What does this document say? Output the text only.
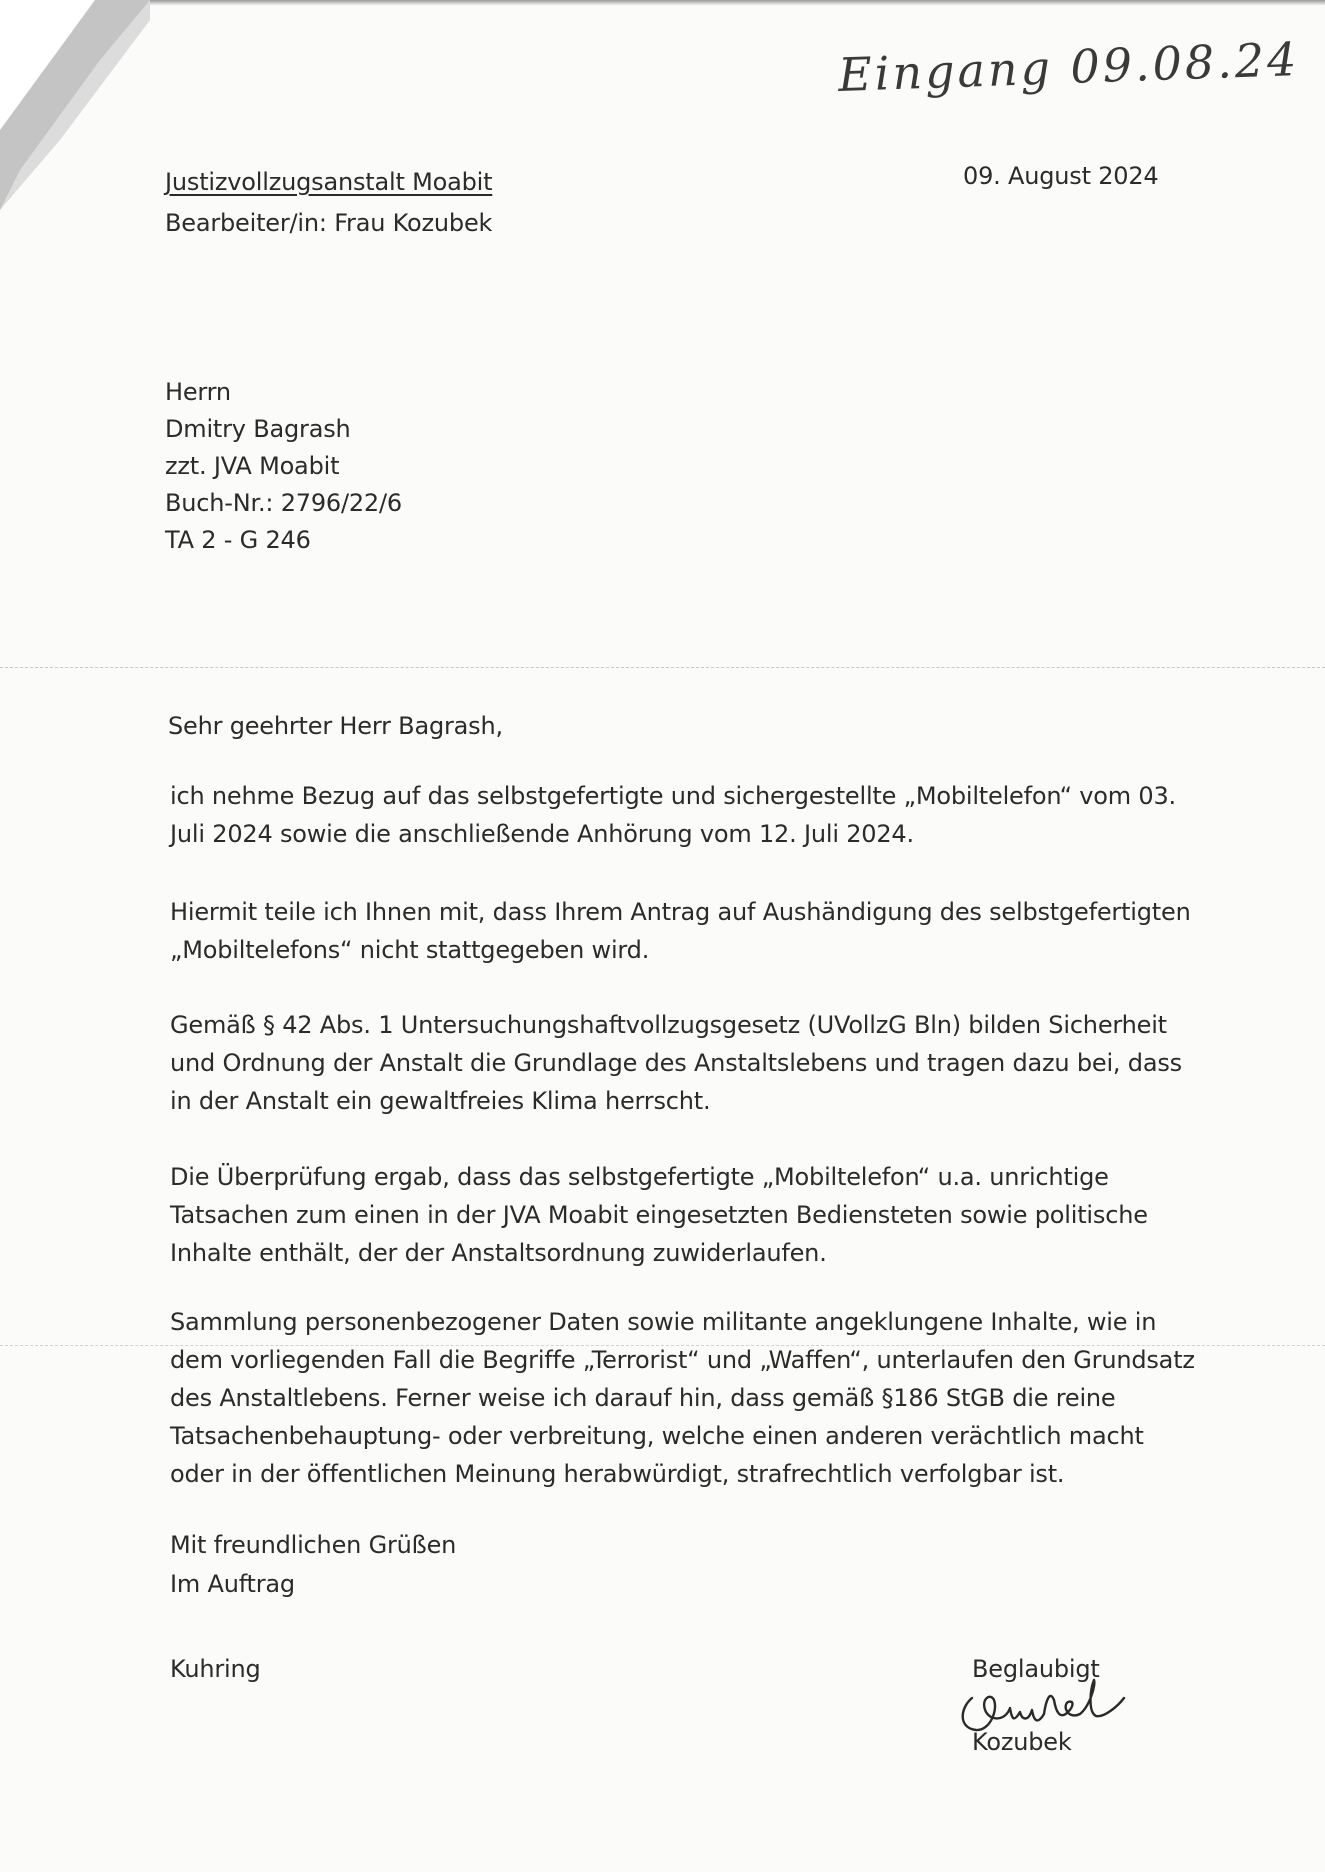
Eingang 09.08.24
Justizvollzugsanstalt Moabit
Bearbeiter/in: Frau Kozubek
09. August 2024
Herrn
Dmitry Bagrash
zzt. JVA Moabit
Buch-Nr.: 2796/22/6
TA 2 - G 246
Sehr geehrter Herr Bagrash,
ich nehme Bezug auf das selbstgefertigte und sichergestellte „Mobiltelefon“ vom 03. Juli 2024 sowie die anschließende Anhörung vom 12. Juli 2024.
Hiermit teile ich Ihnen mit, dass Ihrem Antrag auf Aushändigung des selbstgefertigten „Mobiltelefons“ nicht stattgegeben wird.
Gemäß § 42 Abs. 1 Untersuchungshaftvollzugsgesetz (UVollzG Bln) bilden Sicherheit und Ordnung der Anstalt die Grundlage des Anstaltslebens und tragen dazu bei, dass in der Anstalt ein gewaltfreies Klima herrscht.
Die Überprüfung ergab, dass das selbstgefertigte „Mobiltelefon“ u.a. unrichtige Tatsachen zum einen in der JVA Moabit eingesetzten Bediensteten sowie politische Inhalte enthält, der der Anstaltsordnung zuwiderlaufen.
Sammlung personenbezogener Daten sowie militante angeklungene Inhalte, wie in dem vorliegenden Fall die Begriffe „Terrorist“ und „Waffen“, unterlaufen den Grundsatz des Anstaltlebens. Ferner weise ich darauf hin, dass gemäß §186 StGB die reine Tatsachenbehauptung- oder verbreitung, welche einen anderen verächtlich macht oder in der öffentlichen Meinung herabwürdigt, strafrechtlich verfolgbar ist.
Mit freundlichen Grüßen
Im Auftrag
Kuhring	Beglaubigt
Kozubek
